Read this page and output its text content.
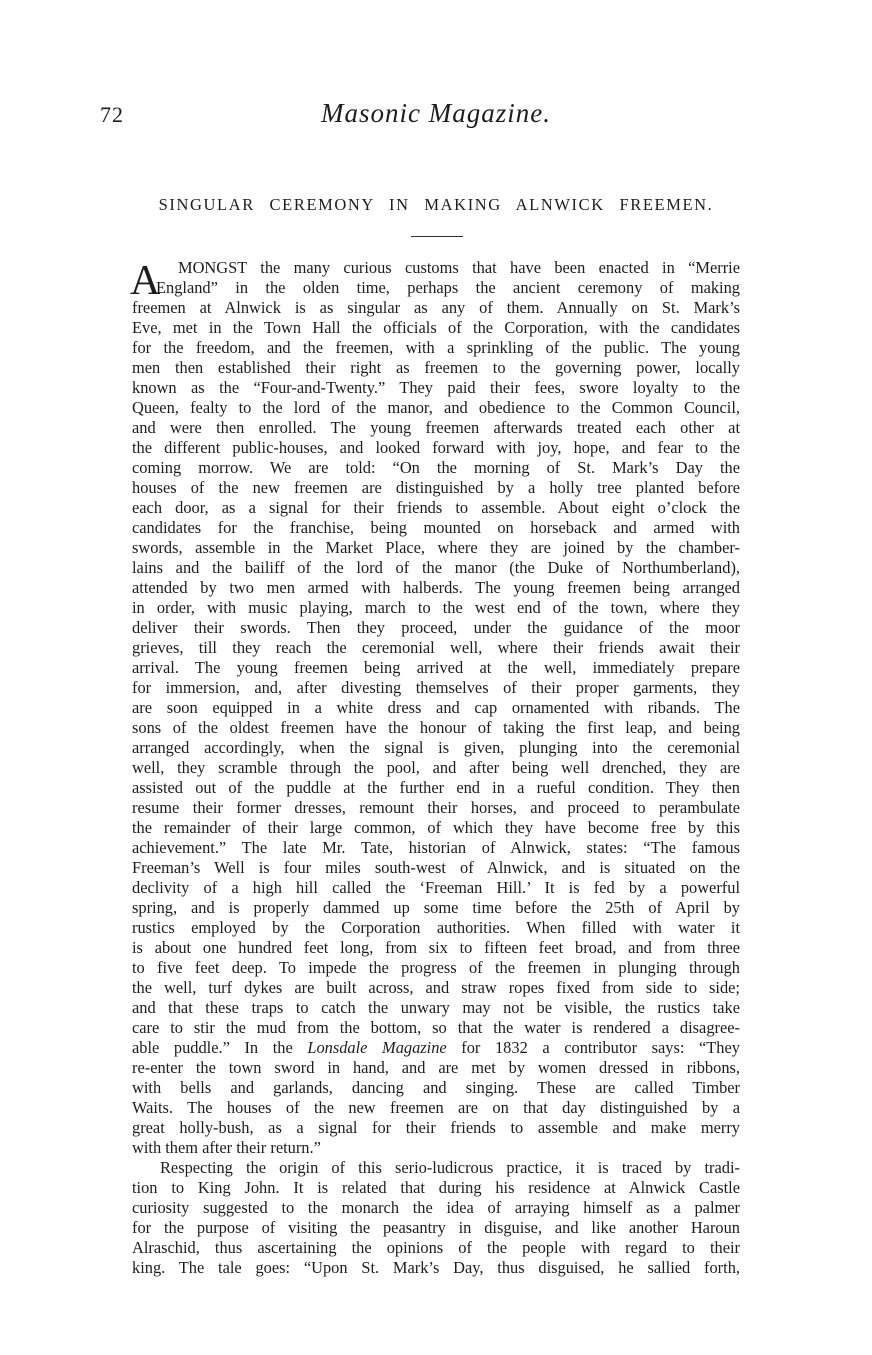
72	Masonic Magazine.
SINGULAR CEREMONY IN MAKING ALNWICK FREEMEN.
A	MONGST the many curious customs that have been enacted in “Merrie
England” in the olden time, perhaps the ancient ceremony of making
freemen at Alnwick is as singular as any of them. Annually on St. Mark’s
Eve, met in the Town Hall the officials of the Corporation, with the candidates
for the freedom, and the freemen, with a sprinkling of the public. The young
men then established their right as freemen to the governing power, locally
known as the “Four-and-Twenty.” They paid their fees, swore loyalty to the
Queen, fealty to the lord of the manor, and obedience to the Common Council,
and were then enrolled. The young freemen afterwards treated each other at
the different public-houses, and looked forward with joy, hope, and fear to the
coming morrow. We are told: “On the morning of St. Mark’s Day the
houses of the new freemen are distinguished by a holly tree planted before
each door, as a signal for their friends to assemble. About eight o’clock the
candidates for the franchise, being mounted on horseback and armed with
swords, assemble in the Market Place, where they are joined by the chamber-
lains and the bailiff of the lord of the manor (the Duke of Northumberland),
attended by two men armed with halberds. The young freemen being arranged
in order, with music playing, march to the west end of the town, where they
deliver their swords. Then they proceed, under the guidance of the moor
grieves, till they reach the ceremonial well, where their friends await their
arrival. The young freemen being arrived at the well, immediately prepare
for immersion, and, after divesting themselves of their proper garments, they
are soon equipped in a white dress and cap ornamented with ribands. The
sons of the oldest freemen have the honour of taking the first leap, and being
arranged accordingly, when the signal is given, plunging into the ceremonial
well, they scramble through the pool, and after being well drenched, they are
assisted out of the puddle at the further end in a rueful condition. They then
resume their former dresses, remount their horses, and proceed to perambulate
the remainder of their large common, of which they have become free by this
achievement.” The late Mr. Tate, historian of Alnwick, states: “The famous
Freeman’s Well is four miles south-west of Alnwick, and is situated on the
declivity of a high hill called the ‘Freeman Hill.’ It is fed by a powerful
spring, and is properly dammed up some time before the 25th of April by
rustics employed by the Corporation authorities. When filled with water it
is about one hundred feet long, from six to fifteen feet broad, and from three
to five feet deep. To impede the progress of the freemen in plunging through
the well, turf dykes are built across, and straw ropes fixed from side to side;
and that these traps to catch the unwary may not be visible, the rustics take
care to stir the mud from the bottom, so that the water is rendered a disagree-
able puddle.” In the Lonsdale Magazine for 1832 a contributor says: “They
re-enter the town sword in hand, and are met by women dressed in ribbons,
with bells and garlands, dancing and singing. These are called Timber
Waits. The houses of the new freemen are on that day distinguished by a
great holly-bush, as a signal for their friends to assemble and make merry
with them after their return.”
Respecting the origin of this serio-ludicrous practice, it is traced by tradi-
tion to King John. It is related that during his residence at Alnwick Castle
curiosity suggested to the monarch the idea of arraying himself as a palmer
for the purpose of visiting the peasantry in disguise, and like another Haroun
Alraschid, thus ascertaining the opinions of the people with regard to their
king. The tale goes: “Upon St. Mark’s Day, thus disguised, he sallied forth,
